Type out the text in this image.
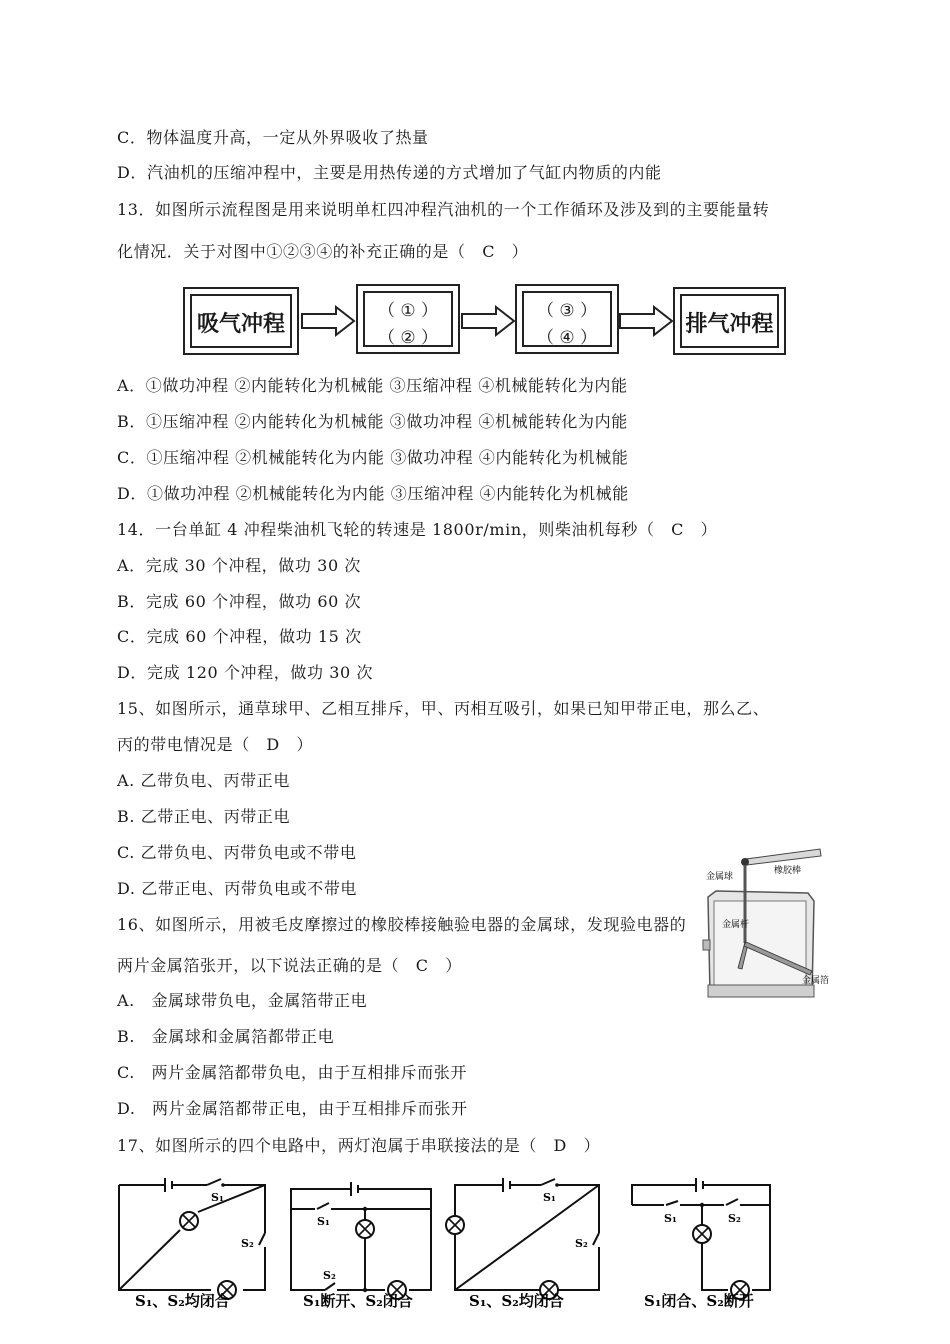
C．物体温度升高，一定从外界吸收了热量
D．汽油机的压缩冲程中，主要是用热传递的方式增加了气缸内物质的内能
13．如图所示流程图是用来说明单杠四冲程汽油机的一个工作循环及涉及到的主要能量转
化情况．关于对图中①②③④的补充正确的是（　C　）
吸气冲程
（ ① ）
（ ② ）
（ ③ ）
（ ④ ）
排气冲程
A．①做功冲程 ②内能转化为机械能 ③压缩冲程 ④机械能转化为内能
B．①压缩冲程 ②内能转化为机械能 ③做功冲程 ④机械能转化为内能
C．①压缩冲程 ②机械能转化为内能 ③做功冲程 ④内能转化为机械能
D．①做功冲程 ②机械能转化为内能 ③压缩冲程 ④内能转化为机械能
14．一台单缸 4 冲程柴油机飞轮的转速是 1800r/min，则柴油机每秒（　C　）
A．完成 30 个冲程，做功 30 次
B．完成 60 个冲程，做功 60 次
C．完成 60 个冲程，做功 15 次
D．完成 120 个冲程，做功 30 次
15、如图所示，通草球甲、乙相互排斥，甲、丙相互吸引，如果已知甲带正电，那么乙、
丙的带电情况是（　D　）
A. 乙带负电、丙带正电
B. 乙带正电、丙带正电
C. 乙带负电、丙带负电或不带电
D. 乙带正电、丙带负电或不带电
16、如图所示，用被毛皮摩擦过的橡胶棒接触验电器的金属球，发现验电器的
两片金属箔张开，以下说法正确的是（　C　）
A.　金属球带负电，金属箔带正电
B.　金属球和金属箔都带正电
C.　两片金属箔都带负电，由于互相排斥而张开
D.　两片金属箔都带正电，由于互相排斥而张开
金属球
橡胶棒
金属杆
金属箔
17、如图所示的四个电路中，两灯泡属于串联接法的是（　D　）
S₁
S₂
S₁、S₂均闭合
S₁
S₂
S₁断开、S₂闭合
S₁
S₂
S₁、S₂均闭合
S₁	S₂
S₁闭合、S₂断开
